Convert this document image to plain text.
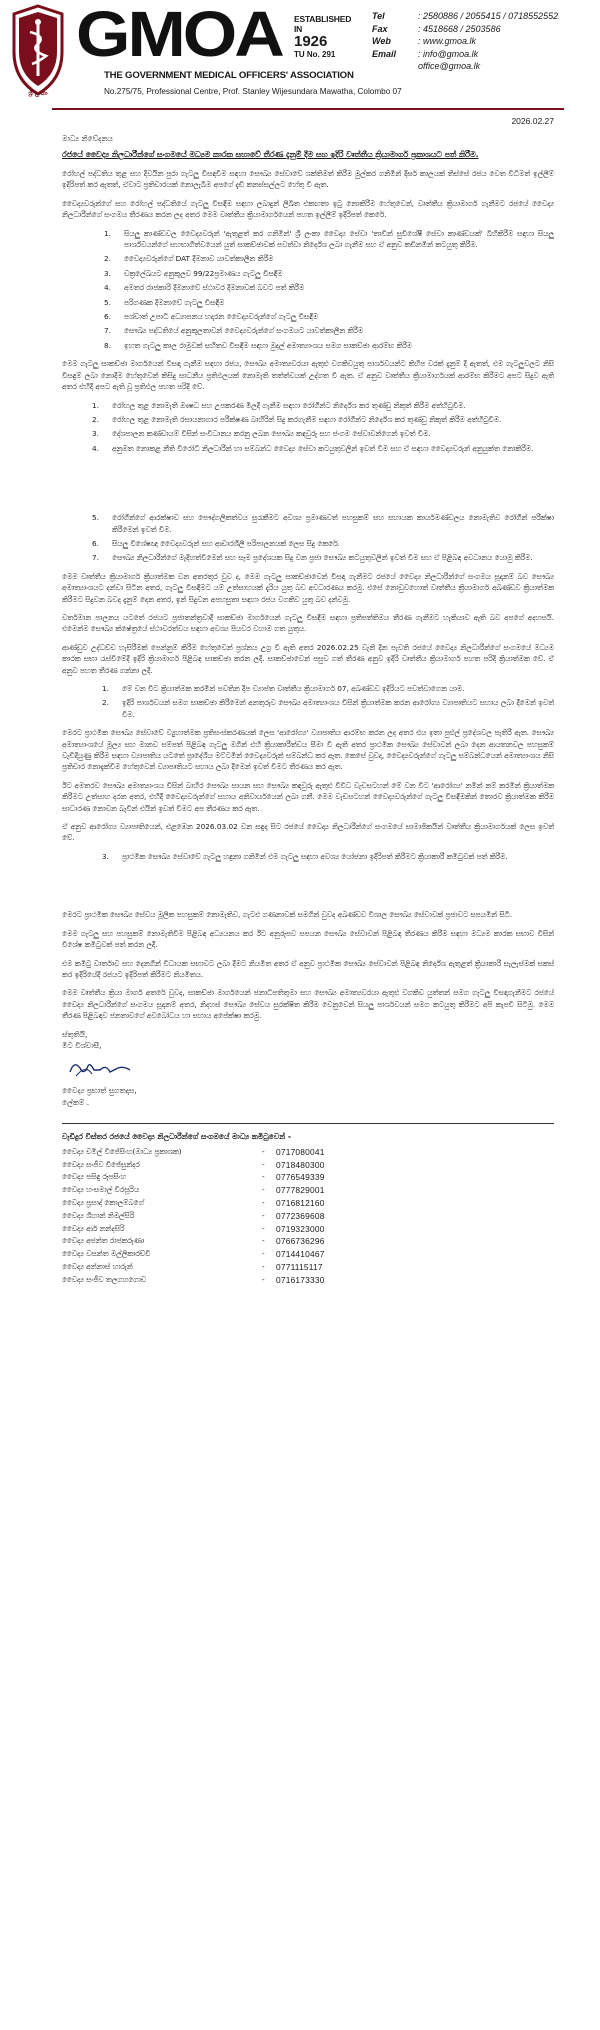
ශ්‍රී ලංකා
GMOA ESTABLISHED IN
1926
TU No. 291
THE GOVERNMENT MEDICAL OFFICERS' ASSOCIATION
No.275/75, Professional Centre, Prof. Stanley Wijesundara Mawatha, Colombo 07
Tel	: 2580886 / 2055415 / 0718552552
Fax	: 4518668 / 2503586
Web	: www.gmoa.lk
Email	: info@gmoa.lk
office@gmoa.lk
2026.02.27
මාධ්‍ය නිවේදනය
රජයේ වෛද්‍ය නිලධාරීන්ගේ සංගමයේ මධ්‍යම කාරක සභාවේ තීරණ දැනුම් දීම සහ ඉදිරි වෘත්තීය ක්‍රියාමාර්ග ප්‍රකාශයට පත් කිරීම.

රෝහල් පද්ධතිය තුළ සහ දිවයින පුරා ගැටලු විසඳවීම සඳහා සෞඛ්‍ය සේවාවේ ශක්තිමත් කිරීම මුල්කර ගනිමින් දීර්ඝ කාලයක් තිස්සේ රජය වෙත විධිමත් ඉල්ලීම් ඉදිරිපත් කර ඇතත්, ඒවාට ප්‍රතිචාරයක් නොලැබීම අපගේ දැඩි කනස්සල්ලට හේතු වී ඇත.

වෛද්‍යවරුන්ගේ සහ රෝහල් පද්ධතියේ ගැටලු විසඳීම සඳහා ලබාදුන් ලිඛිත එකඟතා ඉටු නොකිරීම හේතුවෙන්, වෘත්තීය ක්‍රියාමාර්ග ගැනීමට රජයේ වෛද්‍ය නිලධාරීන්ගේ සංගමය තීරණය කරන ලද අතර මෙම වෘත්තීය ක්‍රියාමාර්ගයෙන් පහත ඉල්ලීම් ඉදිරිපත් කෙරේ.

1.	සියලු කාණ්ඩවල වෛද්‍යවරුන් 'ඇතුළත් කර ගනිමින්' ශ්‍රී ලංකා වෛද්‍ය සේවා 'තාවින් සුවිශේෂී සේවා කාණ්ඩයක්' බිහිකිරීම සඳහා සියලු පාර්ශ්වයන්ගේ සහභාගිත්වයෙන් යුත් සාකච්ඡාවක් පවත්වා නිර්දේශ ලබා ගැනීම සහ ඒ අනුව කඩිනමින් කටයුතු කිරීම.
2.	වෛද්‍යවරුන්ගේ DAT දීමනාව යාවත්කාලීන කිරීම
3.	චක්‍රලේඛයට අනුකූලව 99/22ප්‍රමාණය ගැටලු විසඳීම
4.	අමතර රාජකාරි දීමනාවේ ස්ථාවර දීමනාවක් බවට පත් කිරීම
5.	පරිගණක දීමනාවේ ගැටලු විසඳීම
6.	පශ්චාත් උපාධි අධ්‍යාපනය හදාරන වෛද්‍යවරුන්ගේ ගැටලු විසඳීම
7.	සෞඛ්‍ය පද්ධතියේ අනුකූලතාවන් වෛද්‍යවරුන්ගේ සංගමයට යාවත්කාලීන කිරීම
8.	ඉහත ගැටලු කාල රාමුවක් සහිතව විසඳීම සඳහා මුදල් අමාත්‍යාංශය සමග සාකච්ඡා ආරම්භ කිරීම

මෙම ගැටලු සාකච්ඡා මාර්ගයෙන් විසඳා ගැනීම සඳහා රජය, සෞඛ්‍ය අමාත්‍යවරයා ඇතුළු වගකිවයුතු පාර්ශවයන්ට කිහිප වරක් දැනුම් දී ඇතත්, එම ගැටලුවලට නිසි විසඳුම් ලබා නොදීම හේතුවෙන් කිසිදු සාධනීය ප්‍රතිඵලයක් නොමැති තත්ත්වයක් උද්ගත වී ඇත. ඒ අනුව වෘත්තීය ක්‍රියාමාර්ගයක් ආරම්භ කිරීමට අපට සිදුව ඇති අතර එහිදී අපට ඇති වූ ප්‍රතිඵල පහත පරිදි වේ.

1.	රෝහල තුළ නොමැති ඖෂධ සහ උපකරණ මිලදී ගැනීම සඳහා රෝගීන්ට නිර්දේශ කර තුණ්ඩු නිකුත් කිරීම අත්හිටුවීම.
2.	රෝහල තුළ නොමැති රසායනාගාර පරීක්ෂණ බාහිරින් සිදු කරගැනීම සඳහා රෝගීන්ට නිර්දේශ කර තුණ්ඩු නිකුත් කිරීම අත්හිටුවීම.
3.	දේශපාලන කණ්ඩායම් විසින් සංවිධානය කරනු ලබන සෞඛ්‍ය කඳවුරු සහ ජංගම සේවාවන්ගෙන් ඉවත් වීම.
4.	අනුමත නොකළ නීති විරෝධී නිලධාරීන් හා සම්බන්ධ වෛද්‍ය සේවා කටයුතුවලින් ඉවත් වීම සහ ඒ සඳහා වෛද්‍යවරුන් අනුයුක්ත නොකිරීම.
5.	රෝගීන්ගේ ආරක්ෂාව සහ පෞද්ගලිකත්වය සුරැකීමට අවශ්‍ය ප්‍රමාණවත් පහසුකම් සහ සහායක කාර්යමණ්ඩලය නොමැතිව රෝගීන් පරීක්ෂා කිරීමෙන් ඉවත් වීම.
6.	සියලු විශේෂඥ වෛද්‍යවරුන් සහ ආචාරශීලී පරිපාලනයක් ලෙස සිදු කෙරේ.
7.	සෞඛ්‍ය නිලධාරීන්ගේ මැදිහත්වීමෙන් සහ සෑම ප්‍රදේශයක සිදු වන ප්‍රජා සෞඛ්‍ය කටයුතුවලින් ඉවත් වීම සහ ඒ පිළිබඳ අවධානය යොමු කිරීම.

මෙම වෘත්තීය ක්‍රියාමාර්ග ක්‍රියාත්මක වන අතරතුර වුව ද, මෙම ගැටලු සාකච්ඡාවෙන් විසඳා ගැනීමට රජයේ වෛද්‍ය නිලධාරීන්ගේ සංගමය සූදානම් බව සෞඛ්‍ය අමාත්‍යාංශයට දන්වා සිටින අතර, ගැටලු විසඳීමට යම් උත්සාහයක් දැරිය යුතු බව අවධාරණය කරමු. එසේ නොවුවහොත් වෘත්තීය ක්‍රියාමාර්ග අඛණ්ඩව ක්‍රියාත්මක කිරීමට සිදුවන බවද දැනුම් දෙන අතර, ඉන් සිදුවන අපහසුතා සඳහා රජය වගකිව යුතු බව දන්වමු.

වර්තමාන පාලනය යටතේ රජයට ප්‍රජාතන්ත්‍රවාදී සාකච්ඡා මාර්ගයෙන් ගැටලු විසඳීම සඳහා ප්‍රතිපත්තිමය තීරණ ගැනීමට හැකියාව ඇති බව අපගේ අදහසයි. එමෙන්ම සෞඛ්‍ය ක්ෂේත්‍රයේ ස්ථාවරත්වය සඳහා අවශ්‍ය පියවර වහාම ගත යුතුය.

ආණ්ඩුව උද්ධච්ච හැසිරීමක් පෙන්නුම් කිරීම හේතුවෙන් ප්‍රශ්නය උග්‍ර වී ඇති අතර 2026.02.25 වැනි දින පැවති රජයේ වෛද්‍ය නිලධාරීන්ගේ සංගමයේ මධ්‍යම කාරක සභා රැස්වීමේදී ඉදිරි ක්‍රියාමාර්ග පිළිබඳ සාකච්ඡා කරන ලදී. සාකච්ඡාවෙන් පසුව ගත් තීරණ අනුව ඉදිරි වෘත්තීය ක්‍රියාමාර්ග පහත පරිදි ක්‍රියාත්මක වේ. ඒ අනුව පහත තීරණ ගන්නා ලදී.

1.	මේ වන විට ක්‍රියාත්මක කරමින් පවතින දීප ව්‍යාප්ත වෘත්තීය ක්‍රියාමාර්ග 07, අඛණ්ඩව ඉදිරියට පවත්වාගෙන යාම.
2.	ඉදිරි පාර්ශවයන් සමග සාකච්ඡා කිරීමෙන් අනතුරුව සෞඛ්‍ය අමාත්‍යාංශය විසින් ක්‍රියාත්මක කරන ආරෝග්‍ය ව්‍යාපෘතියට සහාය ලබා දීමෙන් ඉවත් වීම.

මෙරට ප්‍රාථමික සෞඛ්‍ය සේවාවේ ව්‍යුහාත්මක ප්‍රතිසංස්කරණයක් ලෙස 'ආරෝග්‍ය' ව්‍යාපෘතිය ආරම්භ කරන ලද අතර එය ඉතා පුළුල් ප්‍රදේශවල පැතිරී ඇත. සෞඛ්‍ය අමාත්‍යාංශයේ මූල්‍ය සහ මානව සම්පත් පිළිබඳ ගැටලු මගින් එහි ක්‍රියාකාරීත්වය සීමා වී ඇති අතර ප්‍රාථමික සෞඛ්‍ය සේවාවන් ලබා දෙන ආයතනවල පහසුකම් වැඩිදියුණු කිරීම සඳහා ව්‍යාපෘතිය යටතේ ප්‍රාදේශීය මට්ටමින් වෛද්‍යවරුන් සම්බන්ධ කර ඇත. කෙසේ වුවද, වෛද්‍යවරුන්ගේ ගැටලු සම්බන්ධයෙන් අමාත්‍යාංශය නිසි ප්‍රතිචාර නොදැක්වීම හේතුවෙන් ව්‍යාපෘතියට සහාය ලබා දීමෙන් ඉවත් වීමට තීරණය කර ඇත.

ඊට අමතරව සෞඛ්‍ය අමාත්‍යාංශය විසින් බාහිර සෞඛ්‍ය සායන සහ සෞඛ්‍ය කඳවුරු ඇතුළු විවිධ වැඩසටහන් මේ වන විට 'ආරෝග්‍ය' නමින් නම් කරමින් ක්‍රියාත්මක කිරීමට උත්සාහ දරන අතර, එහිදී වෛද්‍යවරුන්ගේ සහාය අනිවාර්යයෙන් ලබා ගනී. මෙම වැඩසටහන් වෛද්‍යවරුන්ගේ ගැටලු විසඳීමකින් තොරව ක්‍රියාත්මක කිරීම සාධාරණ නොවන බැවින් එයින් ඉවත් වීමට අප තීරණය කර ඇත.

ඒ අනුව ආරෝග්‍ය ව්‍යාපෘතියෙන්, එළඹෙන 2026.03.02 වන සඳුදා සිට රජයේ වෛද්‍ය නිලධාරීන්ගේ සංගමයේ සාමාජිකයින් වෘත්තීය ක්‍රියාමාර්ගයක් ලෙස ඉවත් වේ.

3.	ප්‍රාථමික සෞඛ්‍ය සේවාවේ ගැටලු හඳුනා ගනිමින් එම ගැටලු සඳහා අවශ්‍ය යෝජනා ඉදිරිපත් කිරීමට ක්‍රියාකාරී කමිටුවක් පත් කිරීම.

මෙරට ප්‍රාථමික සෞඛ්‍ය සේවය මූලික පහසුකම් නොමැතිව, ගැටළු ගණනාවක් සමගින් වුවද අඛණ්ඩව විශාල සෞඛ්‍ය සේවාවක් ප්‍රජාවට සපයමින් සිටී.

මෙම ගැටලු සහ පහසුකම් නොමැතිවීම පිළිබඳ අධ්‍යයනය කර ඊට අනුරූපව සපයන සෞඛ්‍ය සේවාවන් පිළිබඳ තීරණය කිරීම සඳහා මධ්‍යම කාරක සභාව විසින් විශේෂ කමිටුවක් පත් කරන ලදී.

එම කමිටු වාර්තාව සහ දෙනගින් විධායක සභාවට ලබා දීමට නියමිත අතර ඒ අනුව ප්‍රාථමික සෞඛ්‍ය සේවාවන් පිළිබඳ නිර්දේශ ඇතුළත් ක්‍රියාකාරී සැලැස්මක් සකස් කර ඉදිරියේදී රජයට ඉදිරිපත් කිරීමට නියමිතය.

මෙම වෘත්තීය ක්‍රියා මාර්ග අතරේ වුවද, සාකච්ඡා මාර්ගයෙන් ජනාධිපතිතුමා සහ සෞඛ්‍ය අමාත්‍යවරයා ඇතුළු වගකිව යුත්තන් සමග ගැටලු විසඳාගැනීමට රජයේ වෛද්‍ය නිලධාරීන්ගේ සංගමය සූදානම් අතර, නිදහස් සෞඛ්‍ය සේවය සුරක්ෂිත කිරීම වෙනුවෙන් සියලු පාර්ශවයන් සමග කටයුතු කිරීමට අපි කැපවී සිටිමු. මෙම තීරණ පිළිබඳව ජනතාවගේ අවබෝධය හා සහාය අපේක්ෂා කරමු.

ස්තුතියි,
මීට විශ්වාසී,
වෛද්‍ය ප්‍රභාත් සුගතදාස,
ලේකම් .
වැඩිදුර විස්තර රජයේ වෛද්‍ය නිලධාරීන්ගේ සංගමයේ මාධ්‍ය කමිටුවෙන් -
වෛද්‍ය චමිල් විජේසිංහ(මාධ්‍ය ප්‍රකාශක)	-	0717080041
වෛද්‍ය සංජීව විජේසුන්දර	-	0718480300
වෛද්‍ය පසිඳු රූපසිංහ	-	0776549339
වෛද්‍ය හංසමාල් වීරසූරිය	-	0777829001
වෛද්‍ය ප්‍රසාද් කොලම්බගේ	-	0716812160
වෛද්‍ය ශිහාන් නිමල්සිරි	-	0772369608
වෛද්‍ය ආර් නන්දසිරි	-	0719323000
වෛද්‍ය අජන්ත රාජකරුණා	-	0766736296
වෛද්‍ය වසන්ත මල්ලිකාරච්චි	-	0714410467
වෛද්‍ය අන්නාස් හාරුන්	-	0771115117
වෛද්‍ය සංජීව තලගහගොඩ	-	0716173330
